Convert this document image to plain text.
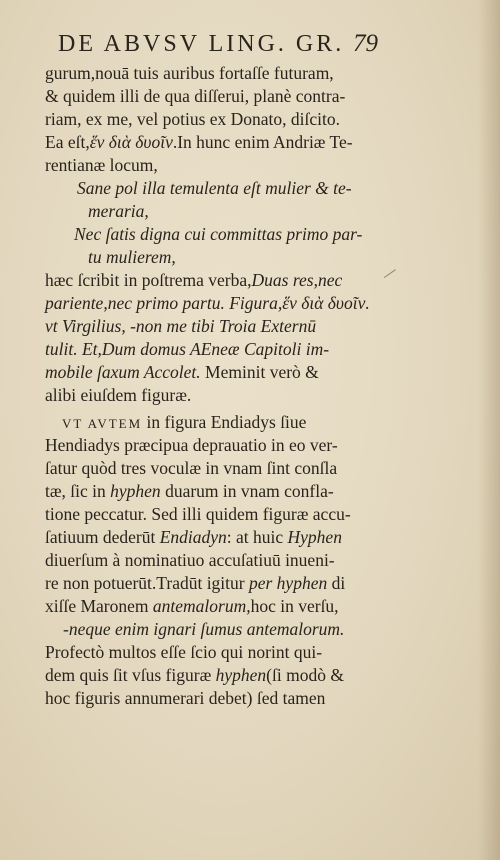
DE ABVSV LING. GR. 79
gurum,nouā tuis auribus fortaſſe futuram,
& quidem illi de qua diſſerui, planè contra-
riam, ex me, vel potius ex Donato, diſcito.
Ea eſt,ἕν διὰ δυοῖν.In hunc enim Andriæ Te-
rentianæ locum,
Sane pol illa temulenta eſt mulier & te-
meraria,
Nec ſatis digna cui committas primo par-
tu mulierem,
hæc ſcribit in poſtrema verba,Duas res,nec
pariente,nec primo partu. Figura,ἕν διὰ δυοῖν.
vt Virgilius, -non me tibi Troia Externū
tulit. Et,Dum domus AEneæ Capitoli im-
mobile ſaxum Accolet. Meminit verò &
alibi eiuſdem figuræ.
VT AVTEM in figura Endiadys ſiue
Hendiadys præcipua deprauatio in eo ver-
ſatur quòd tres voculæ in vnam ſint conſla
tæ, ſic in hyphen duarum in vnam confla-
tione peccatur. Sed illi quidem figuræ accu-
ſatiuum dederūt Endiadyn: at huic Hyphen
diuerſum à nominatiuo accuſatiuū inueni-
re non potuerūt.Tradūt igitur per hyphen di
xiſſe Maronem antemalorum,hoc in verſu,
-neque enim ignari ſumus antemalorum.
Profectò multos eſſe ſcio qui norint qui-
dem quis ſit vſus figuræ hyphen(ſi modò &
hoc figuris annumerari debet) ſed tamen
